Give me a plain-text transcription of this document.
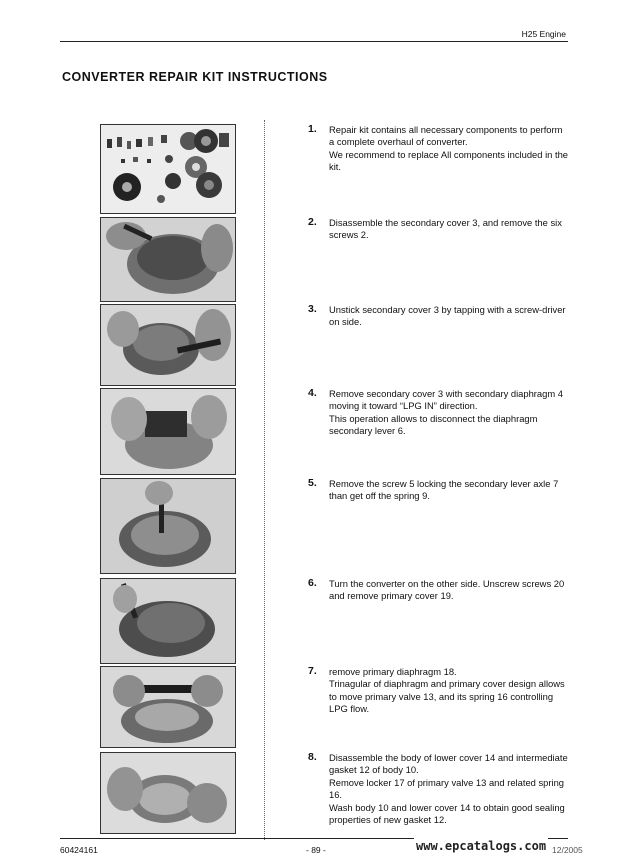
H25 Engine
CONVERTER REPAIR KIT INSTRUCTIONS
1. Repair kit contains all necessary components to perform a complete overhaul of converter.

We recommend to replace All components included in the kit.

2. Disassemble the secondary cover 3, and remove the six screws 2.

3. Unstick secondary cover 3 by tapping with a screw-driver on side.

4. Remove secondary cover 3 with secondary diaphragm 4 moving it toward “LPG IN” direction.

This operation allows to disconnect the diaphragm secondary lever 6.

5. Remove the screw 5 locking the secondary lever axle 7 than get off the spring 9.

6. Turn the converter on the other side. Unscrew screws 20 and remove primary cover 19.

7. remove primary diaphragm 18.

Trinagular of diaphragm and primary cover design allows to move primary valve 13, and its spring 16 controlling LPG flow.

8. Disassemble the body of lower cover 14 and intermediate gasket 12 of body 10.

Remove locker 17 of primary valve 13 and related spring 16.

Wash body 10 and lower cover 14 to obtain good sealing properties of new gasket 12.

60424161	- 89 -	12/2005
www.epcatalogs.com
